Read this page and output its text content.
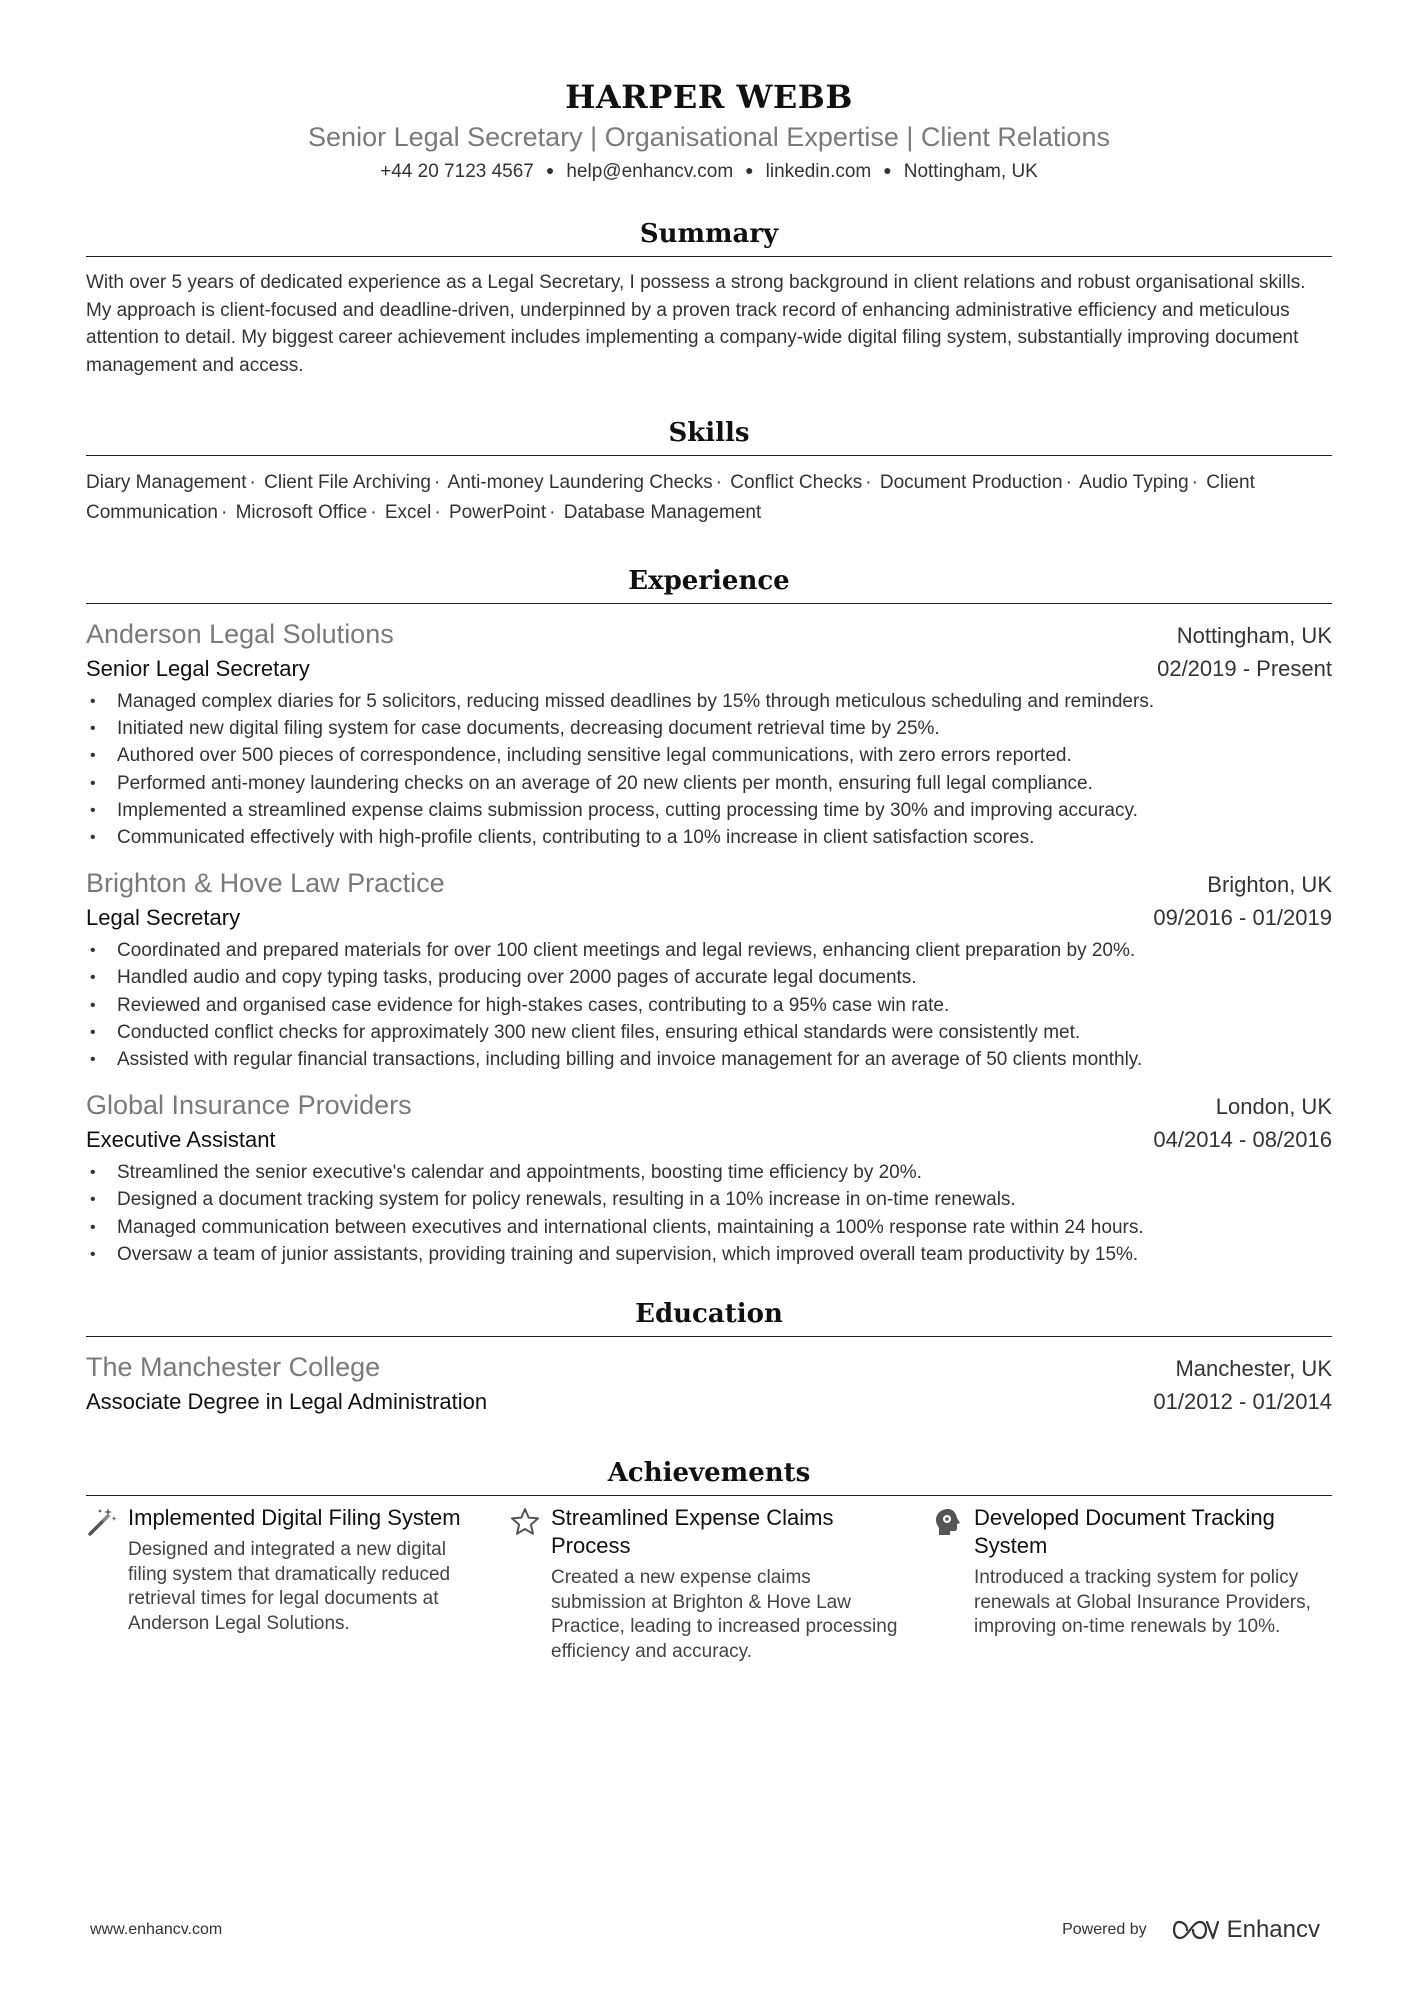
HARPER WEBB
Senior Legal Secretary | Organisational Expertise | Client Relations
+44 20 7123 4567 ● help@enhancv.com ● linkedin.com ● Nottingham, UK
Summary

With over 5 years of dedicated experience as a Legal Secretary, I possess a strong background in client relations and robust organisational skills. My approach is client-focused and deadline-driven, underpinned by a proven track record of enhancing administrative efficiency and meticulous attention to detail. My biggest career achievement includes implementing a company-wide digital filing system, substantially improving document management and access.

Skills
Diary Management · Client File Archiving · Anti-money Laundering Checks · Conflict Checks · Document Production · Audio Typing · Client Communication · Microsoft Office · Excel · PowerPoint · Database Management
Experience
Anderson Legal Solutions	Nottingham, UK
Senior Legal Secretary	02/2019 - Present
• Managed complex diaries for 5 solicitors, reducing missed deadlines by 15% through meticulous scheduling and reminders.
• Initiated new digital filing system for case documents, decreasing document retrieval time by 25%.
• Authored over 500 pieces of correspondence, including sensitive legal communications, with zero errors reported.
• Performed anti-money laundering checks on an average of 20 new clients per month, ensuring full legal compliance.
• Implemented a streamlined expense claims submission process, cutting processing time by 30% and improving accuracy.
• Communicated effectively with high-profile clients, contributing to a 10% increase in client satisfaction scores.
Brighton & Hove Law Practice	Brighton, UK
Legal Secretary	09/2016 - 01/2019
• Coordinated and prepared materials for over 100 client meetings and legal reviews, enhancing client preparation by 20%.
• Handled audio and copy typing tasks, producing over 2000 pages of accurate legal documents.
• Reviewed and organised case evidence for high-stakes cases, contributing to a 95% case win rate.
• Conducted conflict checks for approximately 300 new client files, ensuring ethical standards were consistently met.
• Assisted with regular financial transactions, including billing and invoice management for an average of 50 clients monthly.
Global Insurance Providers	London, UK
Executive Assistant	04/2014 - 08/2016
• Streamlined the senior executive's calendar and appointments, boosting time efficiency by 20%.
• Designed a document tracking system for policy renewals, resulting in a 10% increase in on-time renewals.
• Managed communication between executives and international clients, maintaining a 100% response rate within 24 hours.
• Oversaw a team of junior assistants, providing training and supervision, which improved overall team productivity by 15%.
Education
The Manchester College	Manchester, UK
Associate Degree in Legal Administration	01/2012 - 01/2014
Achievements
Implemented Digital Filing System
Designed and integrated a new digital filing system that dramatically reduced retrieval times for legal documents at Anderson Legal Solutions.
Streamlined Expense Claims Process
Created a new expense claims submission at Brighton & Hove Law Practice, leading to increased processing efficiency and accuracy.
Developed Document Tracking System
Introduced a tracking system for policy renewals at Global Insurance Providers, improving on-time renewals by 10%.
www.enhancv.com	Powered by	Enhancv
